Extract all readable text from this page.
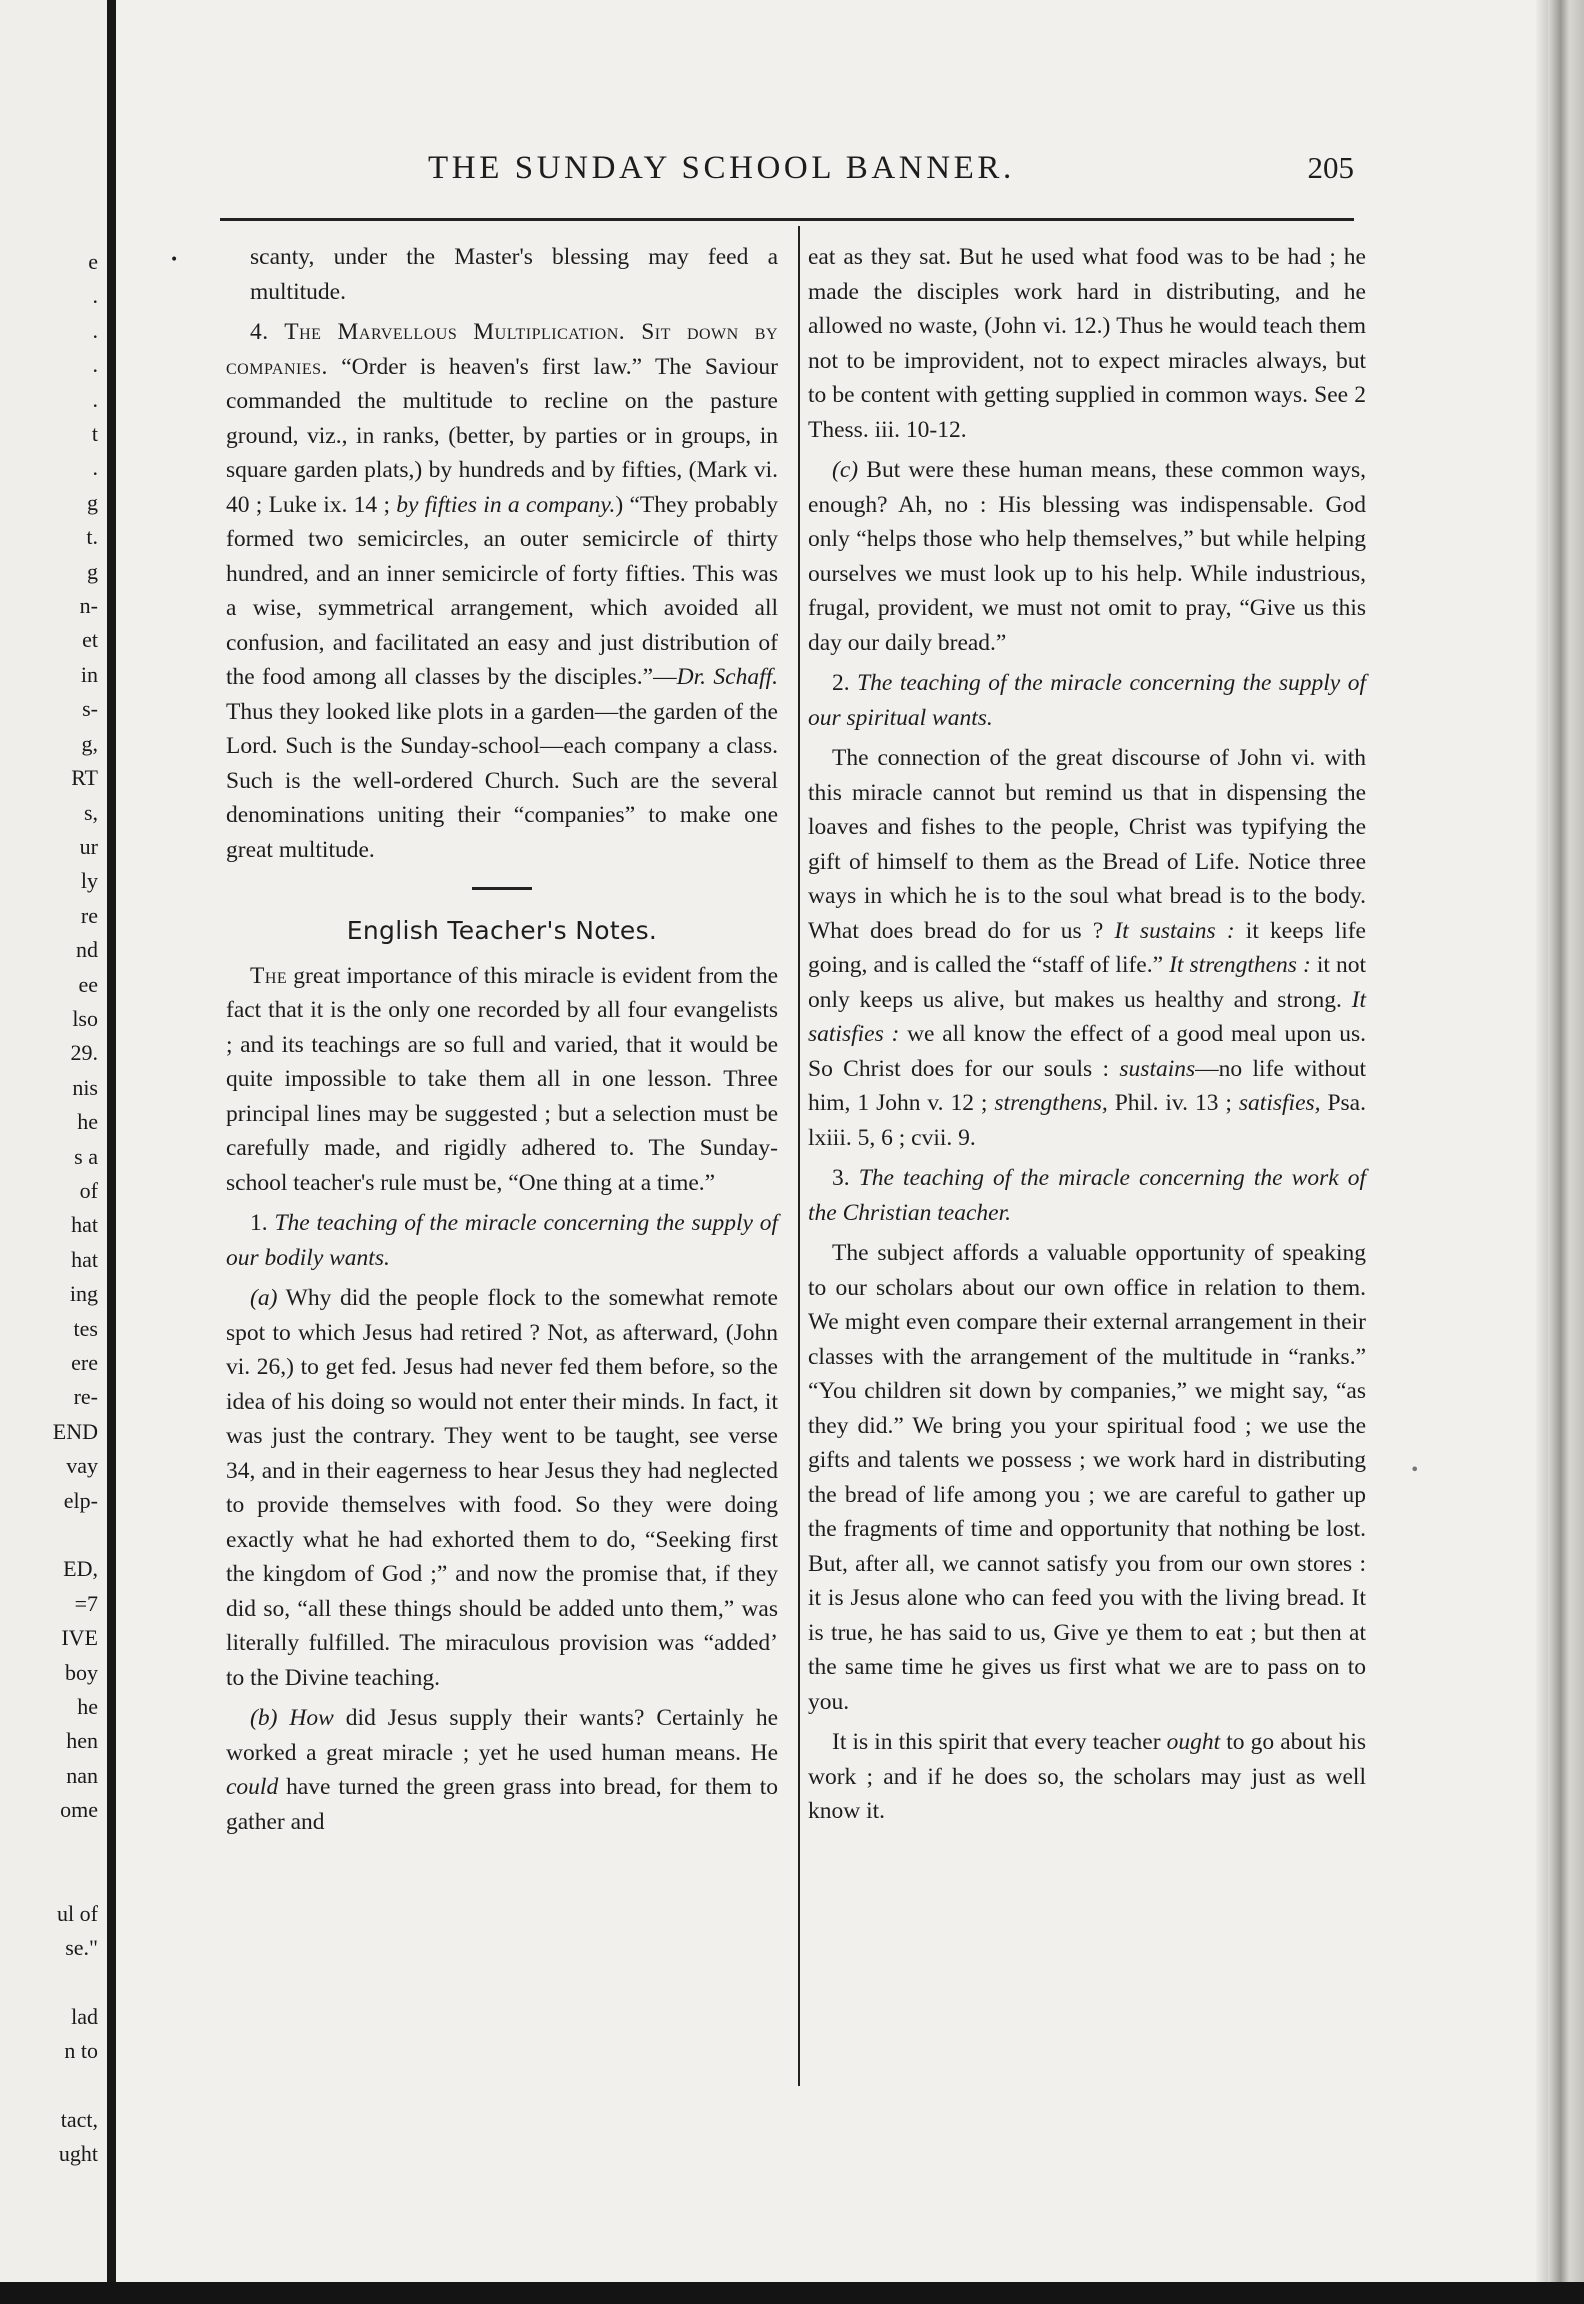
e
.
.
.
.
t
.
g
t.
g
n-
et
in
s-
g,
RT
s,
ur
ly
re
nd
ee
lso
29.
nis
he
s a
of
hat
hat
ing
tes
ere
re-
END
vay
elp-

ED,
=7
IVE
boy
he
hen
nan
ome

ul of
se."

lad
n to

tact,
ught
•
•
THE SUNDAY SCHOOL BANNER.	205

scanty, under the Master's blessing may feed a multitude.

4. The Marvellous Multiplication. Sit down by companies. “Order is heaven's first law.” The Saviour commanded the multitude to recline on the pasture ground, viz., in ranks, (better, by parties or in groups, in square garden plats,) by hundreds and by fifties, (Mark vi. 40 ; Luke ix. 14 ; by fifties in a company.) “They probably formed two semicircles, an outer semicircle of thirty hundred, and an inner semicircle of forty fifties. This was a wise, symmetrical arrangement, which avoided all confusion, and facilitated an easy and just distribution of the food among all classes by the disciples.”—Dr. Schaff. Thus they looked like plots in a garden—the garden of the Lord. Such is the Sunday-school—each company a class. Such is the well-ordered Church. Such are the several denominations uniting their “companies” to make one great multitude.

English Teacher's Notes.

The great importance of this miracle is evident from the fact that it is the only one recorded by all four evangelists ; and its teachings are so full and varied, that it would be quite impossible to take them all in one lesson. Three principal lines may be suggested ; but a selection must be carefully made, and rigidly adhered to. The Sunday-school teacher's rule must be, “One thing at a time.”

1. The teaching of the miracle concerning the supply of our bodily wants.

(a) Why did the people flock to the somewhat remote spot to which Jesus had retired ? Not, as afterward, (John vi. 26,) to get fed. Jesus had never fed them before, so the idea of his doing so would not enter their minds. In fact, it was just the contrary. They went to be taught, see verse 34, and in their eagerness to hear Jesus they had neglected to provide themselves with food. So they were doing exactly what he had exhorted them to do, “Seeking first the kingdom of God ;” and now the promise that, if they did so, “all these things should be added unto them,” was literally fulfilled. The miraculous provision was “added’ to the Divine teaching.

(b) How did Jesus supply their wants? Certainly he worked a great miracle ; yet he used human means. He could have turned the green grass into bread, for them to gather and

eat as they sat. But he used what food was to be had ; he made the disciples work hard in distributing, and he allowed no waste, (John vi. 12.) Thus he would teach them not to be improvident, not to expect miracles always, but to be content with getting supplied in common ways. See 2 Thess. iii. 10-12.

(c) But were these human means, these common ways, enough? Ah, no : His blessing was indispensable. God only “helps those who help themselves,” but while helping ourselves we must look up to his help. While industrious, frugal, provident, we must not omit to pray, “Give us this day our daily bread.”

2. The teaching of the miracle concerning the supply of our spiritual wants.

The connection of the great discourse of John vi. with this miracle cannot but remind us that in dispensing the loaves and fishes to the people, Christ was typifying the gift of himself to them as the Bread of Life. Notice three ways in which he is to the soul what bread is to the body. What does bread do for us ? It sustains : it keeps life going, and is called the “staff of life.” It strengthens : it not only keeps us alive, but makes us healthy and strong. It satisfies : we all know the effect of a good meal upon us. So Christ does for our souls : sustains—no life without him, 1 John v. 12 ; strengthens, Phil. iv. 13 ; satisfies, Psa. lxiii. 5, 6 ; cvii. 9.

3. The teaching of the miracle concerning the work of the Christian teacher.

The subject affords a valuable opportunity of speaking to our scholars about our own office in relation to them. We might even compare their external arrangement in their classes with the arrangement of the multitude in “ranks.” “You children sit down by companies,” we might say, “as they did.” We bring you your spiritual food ; we use the gifts and talents we possess ; we work hard in distributing the bread of life among you ; we are careful to gather up the fragments of time and opportunity that nothing be lost. But, after all, we cannot satisfy you from our own stores : it is Jesus alone who can feed you with the living bread. It is true, he has said to us, Give ye them to eat ; but then at the same time he gives us first what we are to pass on to you.

It is in this spirit that every teacher ought to go about his work ; and if he does so, the scholars may just as well know it.
